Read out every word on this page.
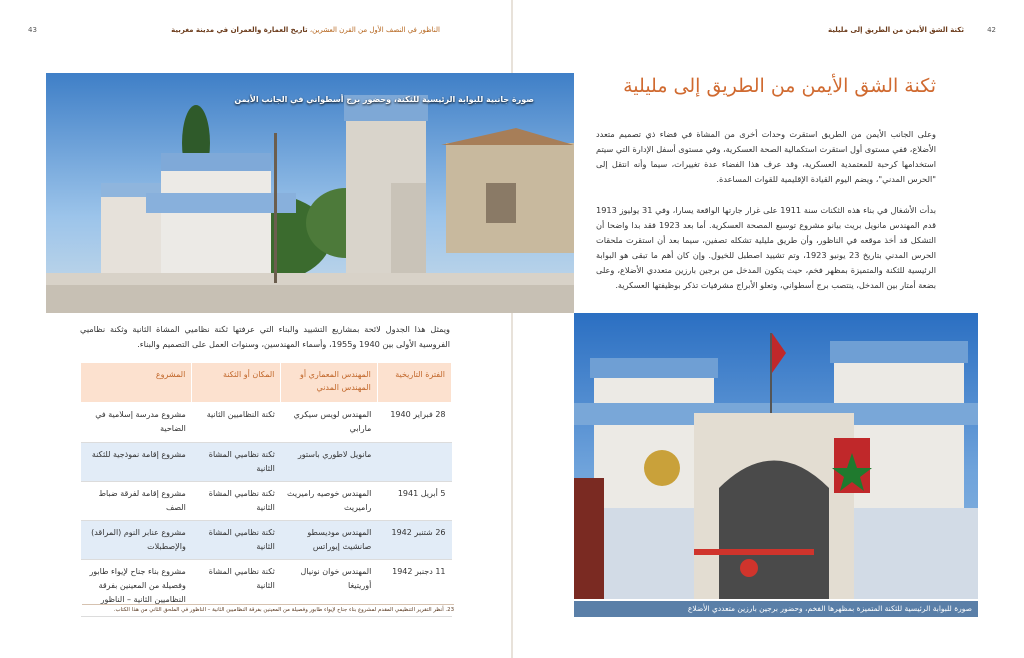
43	الناظور في النصف الأول من القرن العشرين، تاريخ العمارة والعمران في مدينة مغربية	42
ثكنة الشق الأيمن من الطريق إلى مليلية
صورة جانبية للبوابة الرئيسية للثكنة، وحضور برج أسطواني في الجانب الأيمن
ثكنة الشق الأيمن من الطريق إلى مليلية
وعلى الجانب الأيمن من الطريق استقرت وحدات أخرى من المشاة في فضاء ذي تصميم متعدد الأضلاع، ففي مستوى أول استقرت استكمالية الصحة العسكرية، وفي مستوى أسفل الإدارة التي سيتم استخدامها كرحبة للمعتمدية العسكرية، وقد عرف هذا الفضاء عدة تغييرات، سيما وأنه انتقل إلى "الحرس المدني"، ويضم اليوم القيادة الإقليمية للقوات المساعدة.
بدأت الأشغال في بناء هذه الثكنات سنة 1911 على غرار جارتها الواقعة يسارا، وفي 31 يوليوز 1913 قدم المهندس مانويل بريث بيانو مشروع توسيع المصحة العسكرية. أما بعد 1923 فقد بدا واضحا أن التشكل قد أخذ موقعه في الناظور، وأن طريق مليلية تشكله تصفين، سيما بعد أن استقرت ملحقات الحرس المدني بتاريخ 23 يونيو 1923، وتم تشييد اصطبل للخيول. وإن كان أهم ما تبقى هو البوابة الرئيسية للثكنة والمتميزة بمظهر فخم، حيث يتكون المدخل من برجين بارزين متعددي الأضلاع، وعلى بضعة أمتار بين المدخل، ينتصب برج أسطواني، وتعلو الأبراج مشرفيات تذكر بوظيفتها العسكرية.
ويمثل هذا الجدول لائحة بمشاريع التشييد والبناء التي عرفتها ثكنة نظاميي المشاة الثانية وثكنة نظاميي الفروسية الأولى بين 1940 و1955، وأسماء المهندسين، وسنوات العمل على التصميم والبناء.
الفترة التاريخية	المهندس المعماري أو المهندس المدني	المكان أو الثكنة	المشروع
28 فبراير 1940	المهندس لويس سيكري مارابي	ثكنة النظاميين الثانية	مشروع مدرسة إسلامية في الضاحية
	مانويل لاطوري باستور	ثكنة نظاميي المشاة الثانية	مشروع إقامة نموذجية للثكنة
5 أبريل 1941	المهندس خوصيه راميريث راميريث	ثكنة نظاميي المشاة الثانية	مشروع إقامة لفرقة ضباط الصف
26 شتنبر 1942	المهندس موديسطو صانشيث إيوراتس	ثكنة نظاميي المشاة الثانية	مشروع عنابر النوم (المراقد) والإصطبلات
11 دجنبر 1942	المهندس خوان نونيال أوريتيغا	ثكنة نظاميي المشاة الثانية	مشروع بناء جناح لإيواء طابور وفصيلة من المعينين بفرقة النظاميين الثانية – الناظور
23. أنظر التقرير التنظيمي المقدم لمشروع بناء جناح لإيواء طابور وفصيلة من المعينين بفرقة النظاميين الثانية – الناظور في الملحق الثاني من هذا الكتاب.	صورة للبوابة الرئيسية للثكنة المتميزة بمظهرها الفخم، وحضور برجين بارزين متعددي الأضلاع
